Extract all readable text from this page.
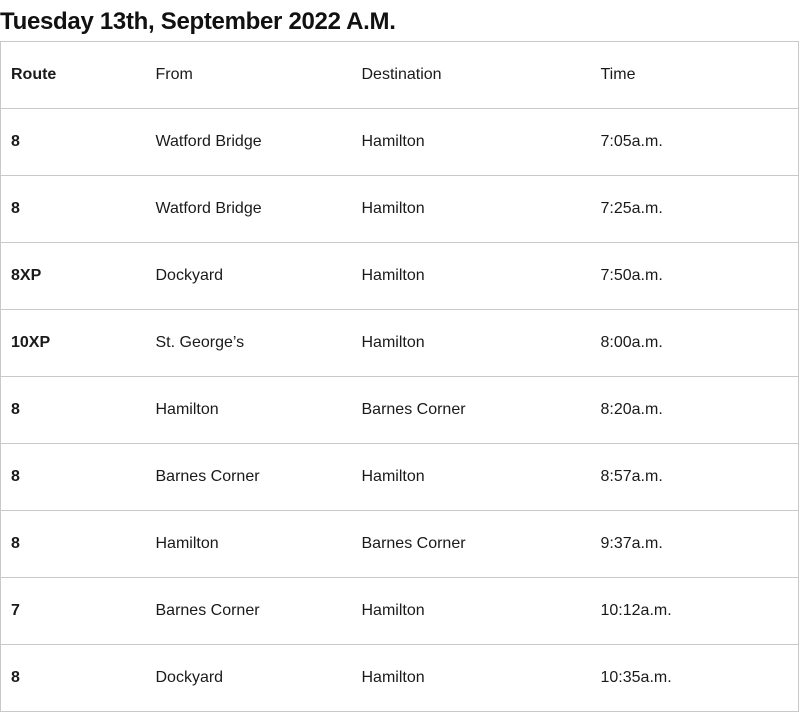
Tuesday 13th, September 2022 A.M.
Route	From	Destination	Time
8	Watford Bridge	Hamilton	7:05a.m.
8	Watford Bridge	Hamilton	7:25a.m.
8XP	Dockyard	Hamilton	7:50a.m.
10XP	St. George’s	Hamilton	8:00a.m.
8	Hamilton	Barnes Corner	8:20a.m.
8	Barnes Corner	Hamilton	8:57a.m.
8	Hamilton	Barnes Corner	9:37a.m.
7	Barnes Corner	Hamilton	10:12a.m.
8	Dockyard	Hamilton	10:35a.m.
